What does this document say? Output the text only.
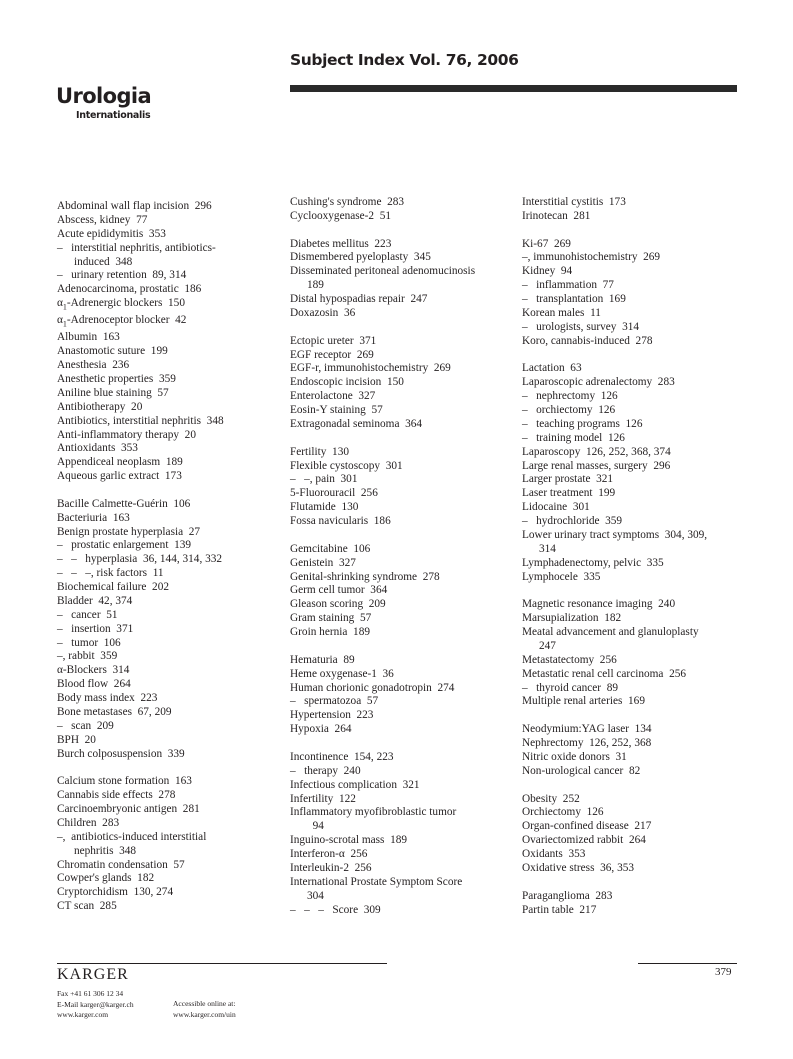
Subject Index Vol. 76, 2006
Urologia
Internationalis
Abdominal wall flap incision  296
Abscess, kidney  77
Acute epididymitis  353
–   interstitial nephritis, antibiotics-
induced  348
–   urinary retention  89, 314
Adenocarcinoma, prostatic  186
$\alpha_1$-Adrenergic blockers  150
$\alpha_1$-Adrenoceptor blocker  42
Albumin  163
Anastomotic suture  199
Anesthesia  236
Anesthetic properties  359
Aniline blue staining  57
Antibiotherapy  20
Antibiotics, interstitial nephritis  348
Anti-inflammatory therapy  20
Antioxidants  353
Appendiceal neoplasm  189
Aqueous garlic extract  173
Bacille Calmette-Guérin  106
Bacteriuria  163
Benign prostate hyperplasia  27
–   prostatic enlargement  139
–   –   hyperplasia  36, 144, 314, 332
–   –   –, risk factors  11
Biochemical failure  202
Bladder  42, 374
–   cancer  51
–   insertion  371
–   tumor  106
–, rabbit  359
α-Blockers  314
Blood flow  264
Body mass index  223
Bone metastases  67, 209
–   scan  209
BPH  20
Burch colposuspension  339
Calcium stone formation  163
Cannabis side effects  278
Carcinoembryonic antigen  281
Children  283
–,  antibiotics-induced interstitial
nephritis  348
Chromatin condensation  57
Cowper's glands  182
Cryptorchidism  130, 274
CT scan  285
Cushing's syndrome  283
Cyclooxygenase-2  51
Diabetes mellitus  223
Dismembered pyeloplasty  345
Disseminated peritoneal adenomucinosis
189
Distal hypospadias repair  247
Doxazosin  36
Ectopic ureter  371
EGF receptor  269
EGF-r, immunohistochemistry  269
Endoscopic incision  150
Enterolactone  327
Eosin-Y staining  57
Extragonadal seminoma  364
Fertility  130
Flexible cystoscopy  301
–   –, pain  301
5-Fluorouracil  256
Flutamide  130
Fossa navicularis  186
Gemcitabine  106
Genistein  327
Genital-shrinking syndrome  278
Germ cell tumor  364
Gleason scoring  209
Gram staining  57
Groin hernia  189
Hematuria  89
Heme oxygenase-1  36
Human chorionic gonadotropin  274
–   spermatozoa  57
Hypertension  223
Hypoxia  264
Incontinence  154, 223
–   therapy  240
Infectious complication  321
Infertility  122
Inflammatory myofibroblastic tumor
94
Inguino-scrotal mass  189
Interferon-α  256
Interleukin-2  256
International Prostate Symptom Score
304
–   –   –   Score  309
Interstitial cystitis  173
Irinotecan  281
Ki-67  269
–, immunohistochemistry  269
Kidney  94
–   inflammation  77
–   transplantation  169
Korean males  11
–   urologists, survey  314
Koro, cannabis-induced  278
Lactation  63
Laparoscopic adrenalectomy  283
–   nephrectomy  126
–   orchiectomy  126
–   teaching programs  126
–   training model  126
Laparoscopy  126, 252, 368, 374
Large renal masses, surgery  296
Larger prostate  321
Laser treatment  199
Lidocaine  301
–   hydrochloride  359
Lower urinary tract symptoms  304, 309,
314
Lymphadenectomy, pelvic  335
Lymphocele  335
Magnetic resonance imaging  240
Marsupialization  182
Meatal advancement and glanuloplasty
247
Metastatectomy  256
Metastatic renal cell carcinoma  256
–   thyroid cancer  89
Multiple renal arteries  169
Neodymium:YAG laser  134
Nephrectomy  126, 252, 368
Nitric oxide donors  31
Non-urological cancer  82
Obesity  252
Orchiectomy  126
Organ-confined disease  217
Ovariectomized rabbit  264
Oxidants  353
Oxidative stress  36, 353
Paraganglioma  283
Partin table  217
KARGER	379
Fax +41 61 306 12 34
E-Mail karger@karger.ch
www.karger.com
Accessible online at:
www.karger.com/uin
